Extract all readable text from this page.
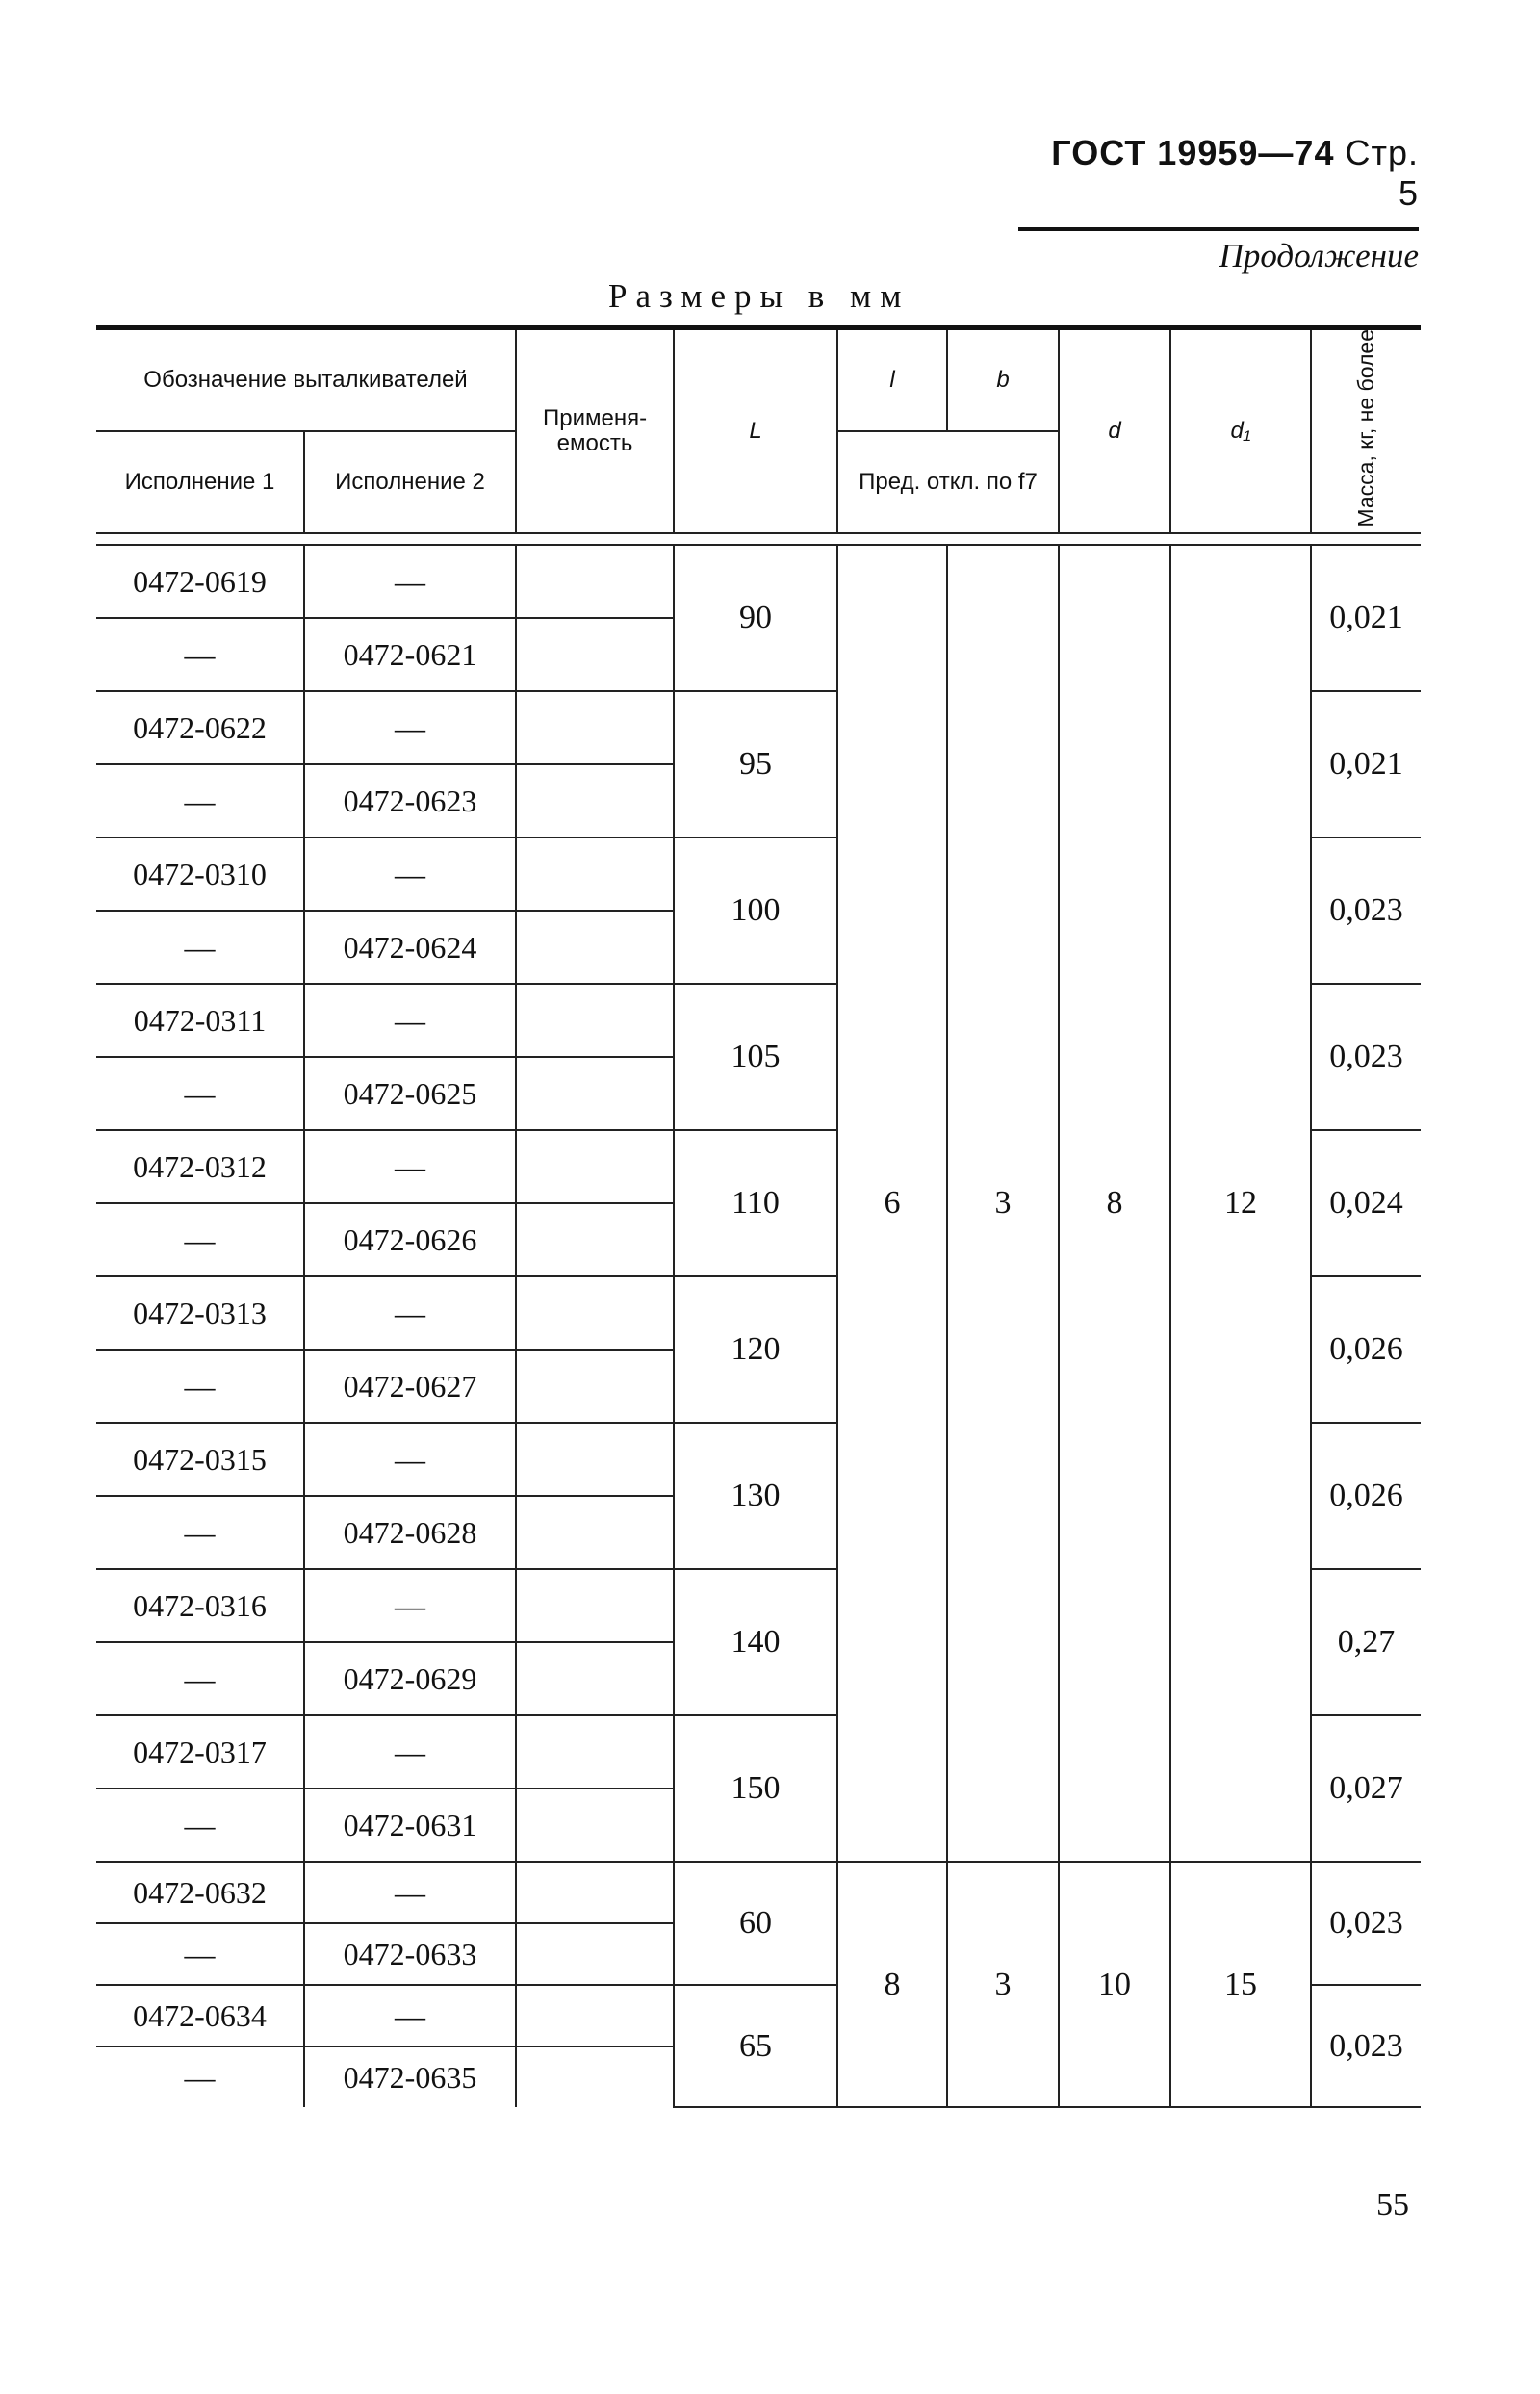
ГОСТ 19959—74 Стр. 5
Продолжение
Размеры в мм
Обозначение выталкивателей		Применя- емость	L	l	b	d	d₁	Масса, кг, не более
Исполнение 1	Исполнение 2			Пред. откл. по f7				

0472-0619	—		90	6	3	8	12	0,021
—	0472-0621							
0472-0622	—		95					0,021
—	0472-0623							
0472-0310	—		100					0,023
—	0472-0624							
0472-0311	—		105					0,023
—	0472-0625							
0472-0312	—		110					0,024
—	0472-0626							
0472-0313	—		120					0,026
—	0472-0627							
0472-0315	—		130					0,026
—	0472-0628							
0472-0316	—		140					0,27
—	0472-0629							
0472-0317	—		150					0,027
—	0472-0631							
0472-0632	—		60	8	3	10	15	0,023
—	0472-0633							
0472-0634	—		65					0,023
—	0472-0635							
55
